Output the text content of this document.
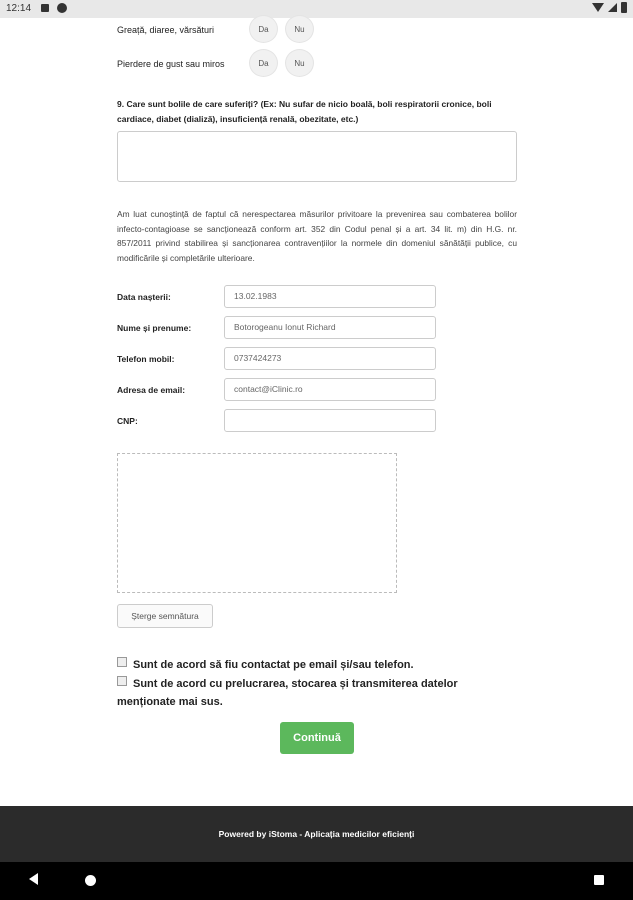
12:14
Greață, diaree, vărsături	Da	Nu
Pierdere de gust sau miros	Da	Nu
9. Care sunt bolile de care suferiți? (Ex: Nu sufar de nicio boală, boli respiratorii cronice, boli cardiace, diabet (dializă), insuficiență renală, obezitate, etc.)
Am luat cunoștință de faptul că nerespectarea măsurilor privitoare la prevenirea sau combaterea bolilor infecto-contagioase se sancționează conform art. 352 din Codul penal și a art. 34 lit. m) din H.G. nr. 857/2011 privind stabilirea și sancționarea contravențiilor la normele din domeniul sănătății publice, cu modificările și completările ulterioare.
Data nașterii:	13.02.1983
Nume și prenume:	Botorogeanu Ionut Richard
Telefon mobil:	0737424273
Adresa de email:	contact@iClinic.ro
CNP:
Șterge semnătura
Sunt de acord să fiu contactat pe email și/sau telefon.
Sunt de acord cu prelucrarea, stocarea și transmiterea datelor
menționate mai sus.
Continuă
Powered by iStoma - Aplicația medicilor eficienți
